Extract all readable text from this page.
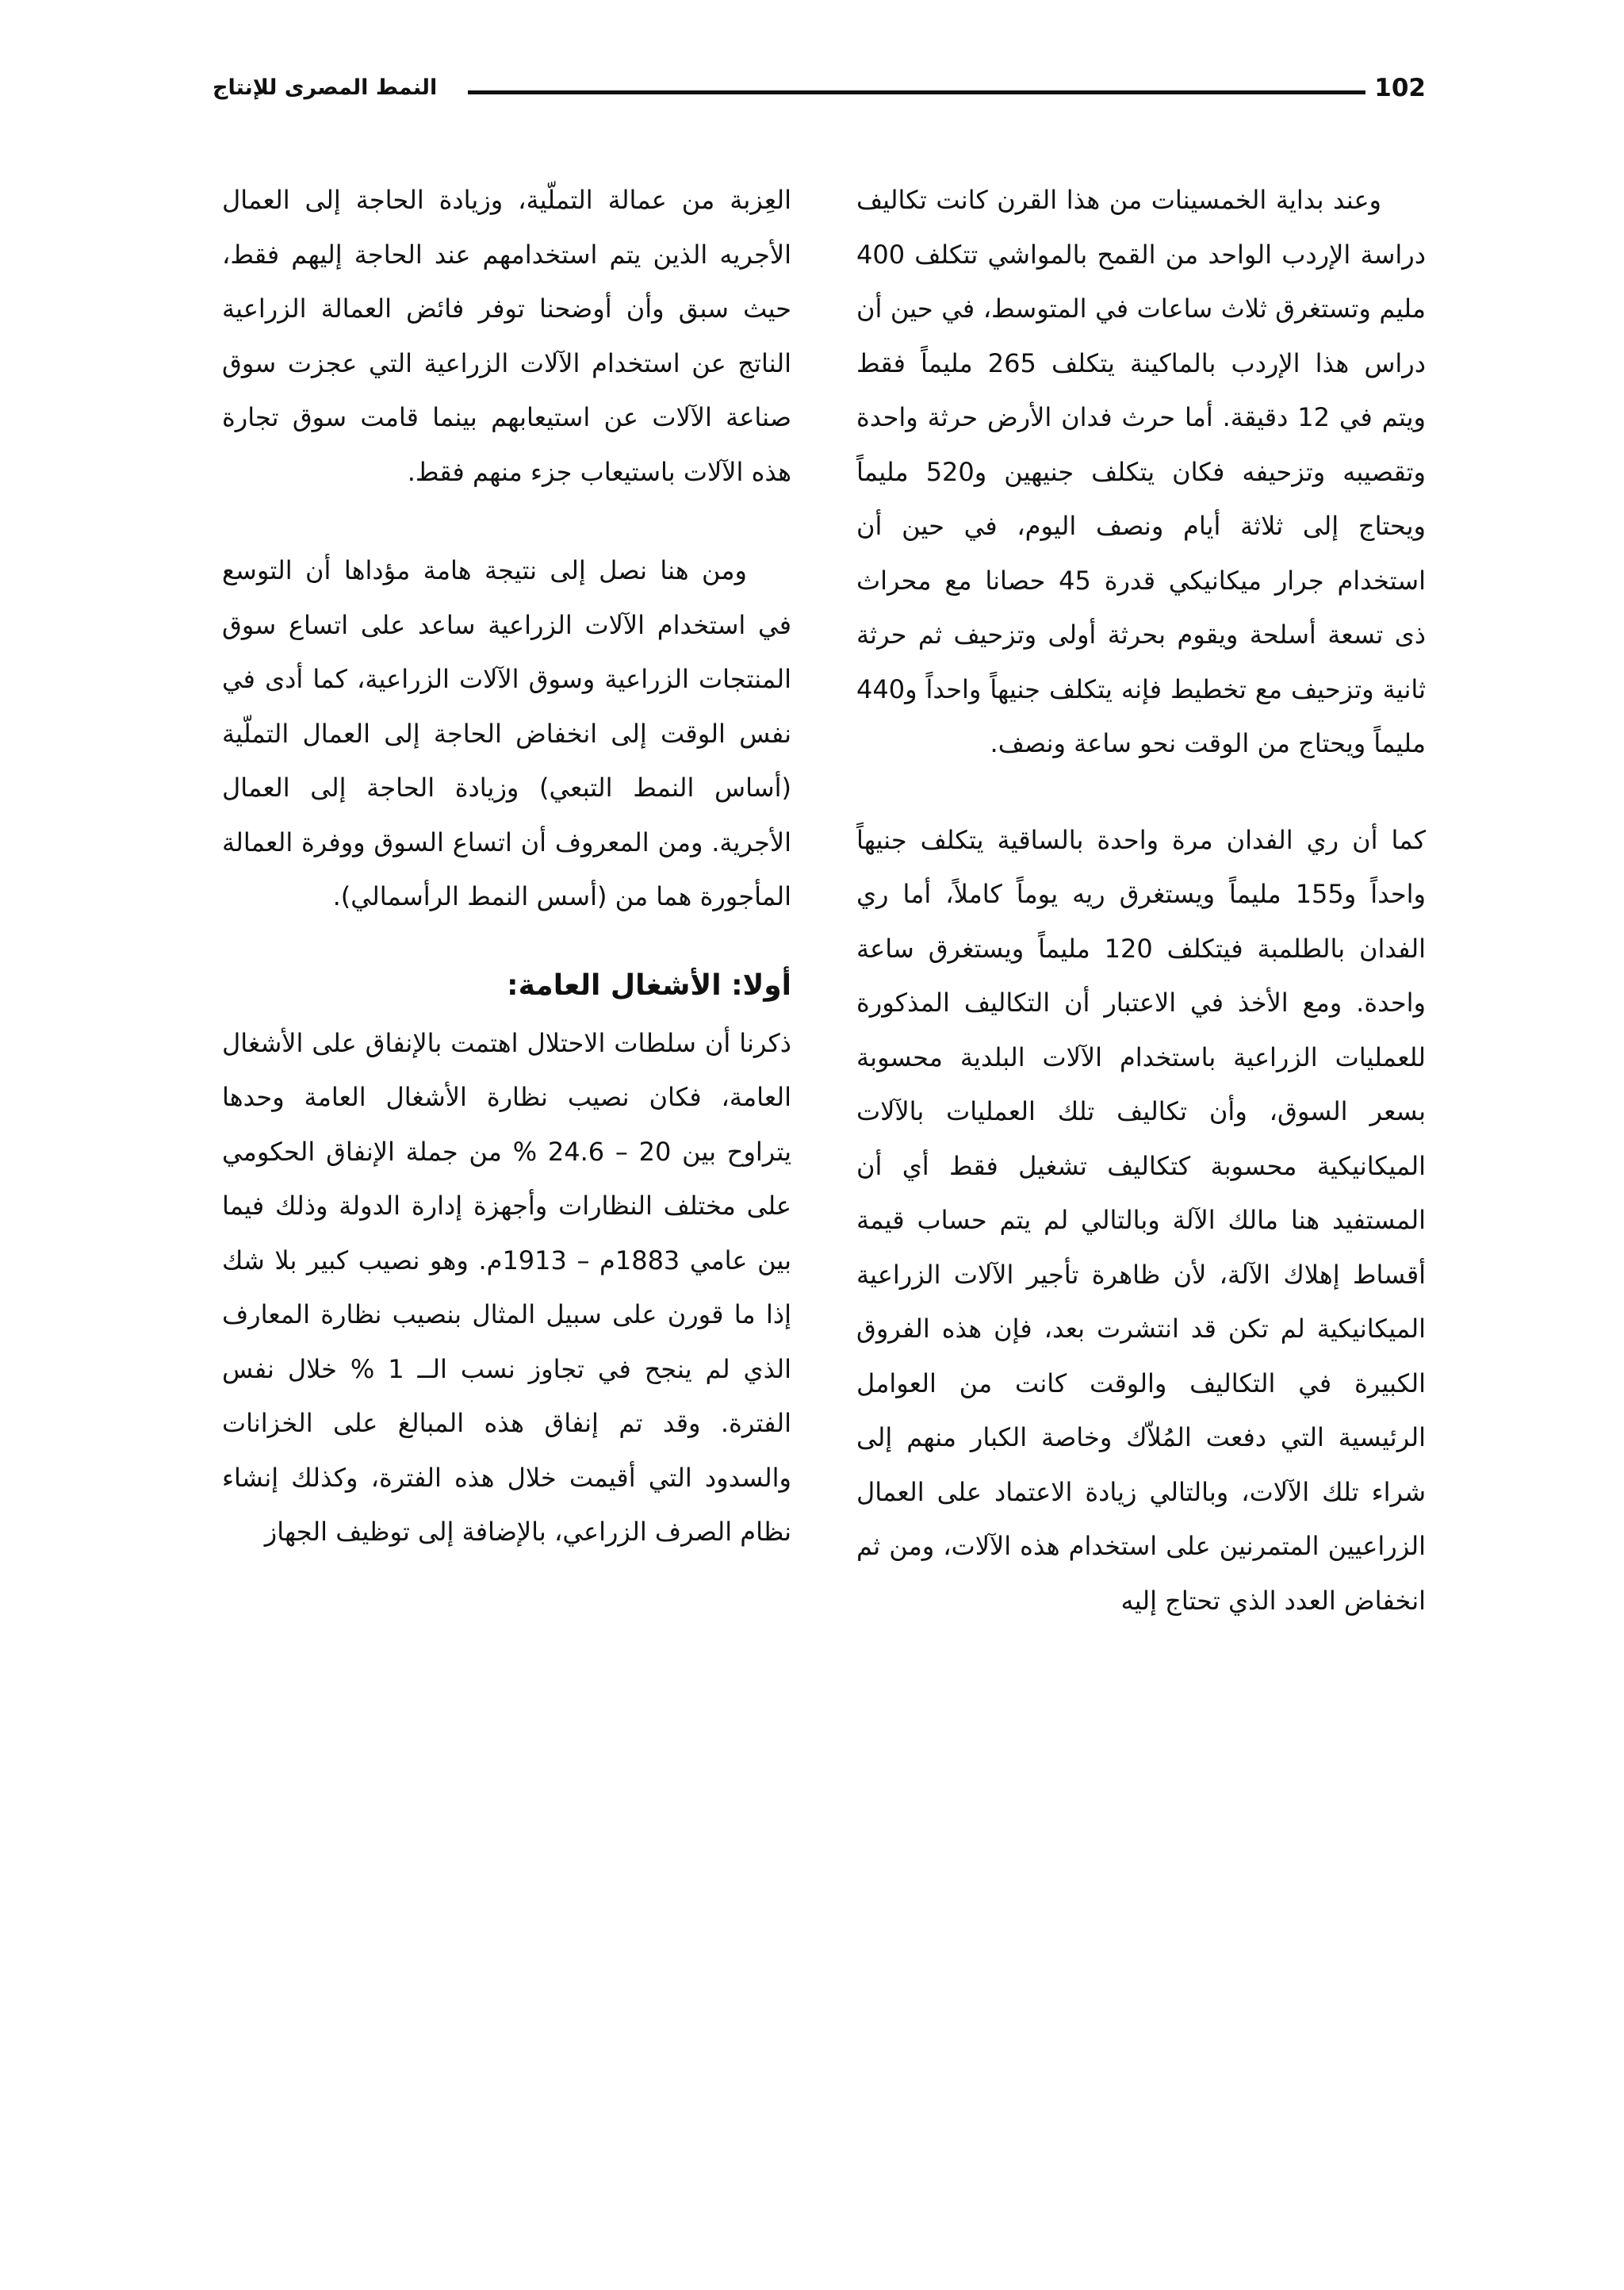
102
النمط المصرى للإنتاج

وعند بداية الخمسينات من هذا القرن كانت تكاليف دراسة الإردب الواحد من القمح بالمواشي تتكلف 400 مليم وتستغرق ثلاث ساعات في المتوسط، في حين أن دراس هذا الإردب بالماكينة يتكلف 265 مليماً فقط ويتم في 12 دقيقة. أما حرث فدان الأرض حرثة واحدة وتقصيبه وتزحيفه فكان يتكلف جنيهين و520 مليماً ويحتاج إلى ثلاثة أيام ونصف اليوم، في حين أن استخدام جرار ميكانيكي قدرة 45 حصانا مع محراث ذى تسعة أسلحة ويقوم بحرثة أولى وتزحيف ثم حرثة ثانية وتزحيف مع تخطيط فإنه يتكلف جنيهاً واحداً و440 مليماً ويحتاج من الوقت نحو ساعة ونصف.

كما أن ري الفدان مرة واحدة بالساقية يتكلف جنيهاً واحداً و155 مليماً ويستغرق ريه يوماً كاملاً، أما ري الفدان بالطلمبة فيتكلف 120 مليماً ويستغرق ساعة واحدة. ومع الأخذ في الاعتبار أن التكاليف المذكورة للعمليات الزراعية باستخدام الآلات البلدية محسوبة بسعر السوق، وأن تكاليف تلك العمليات بالآلات الميكانيكية محسوبة كتكاليف تشغيل فقط أي أن المستفيد هنا مالك الآلة وبالتالي لم يتم حساب قيمة أقساط إهلاك الآلة، لأن ظاهرة تأجير الآلات الزراعية الميكانيكية لم تكن قد انتشرت بعد، فإن هذه الفروق الكبيرة في التكاليف والوقت كانت من العوامل الرئيسية التي دفعت المُلاّك وخاصة الكبار منهم إلى شراء تلك الآلات، وبالتالي زيادة الاعتماد على العمال الزراعيين المتمرنين على استخدام هذه الآلات، ومن ثم انخفاض العدد الذي تحتاج إليه

العِزبة من عمالة التملّية، وزيادة الحاجة إلى العمال الأجريه الذين يتم استخدامهم عند الحاجة إليهم فقط، حيث سبق وأن أوضحنا توفر فائض العمالة الزراعية الناتج عن استخدام الآلات الزراعية التي عجزت سوق صناعة الآلات عن استيعابهم بينما قامت سوق تجارة هذه الآلات باستيعاب جزء منهم فقط.

ومن هنا نصل إلى نتيجة هامة مؤداها أن التوسع في استخدام الآلات الزراعية ساعد على اتساع سوق المنتجات الزراعية وسوق الآلات الزراعية، كما أدى في نفس الوقت إلى انخفاض الحاجة إلى العمال التملّية (أساس النمط التبعي) وزيادة الحاجة إلى العمال الأجرية. ومن المعروف أن اتساع السوق ووفرة العمالة المأجورة هما من (أسس النمط الرأسمالي).

أولا: الأشغال العامة:

ذكرنا أن سلطات الاحتلال اهتمت بالإنفاق على الأشغال العامة، فكان نصيب نظارة الأشغال العامة وحدها يتراوح بين 20 – 24.6 % من جملة الإنفاق الحكومي على مختلف النظارات وأجهزة إدارة الدولة وذلك فيما بين عامي 1883م – 1913م. وهو نصيب كبير بلا شك إذا ما قورن على سبيل المثال بنصيب نظارة المعارف الذي لم ينجح في تجاوز نسب الــ 1 % خلال نفس الفترة. وقد تم إنفاق هذه المبالغ على الخزانات والسدود التي أقيمت خلال هذه الفترة، وكذلك إنشاء نظام الصرف الزراعي، بالإضافة إلى توظيف الجهاز
